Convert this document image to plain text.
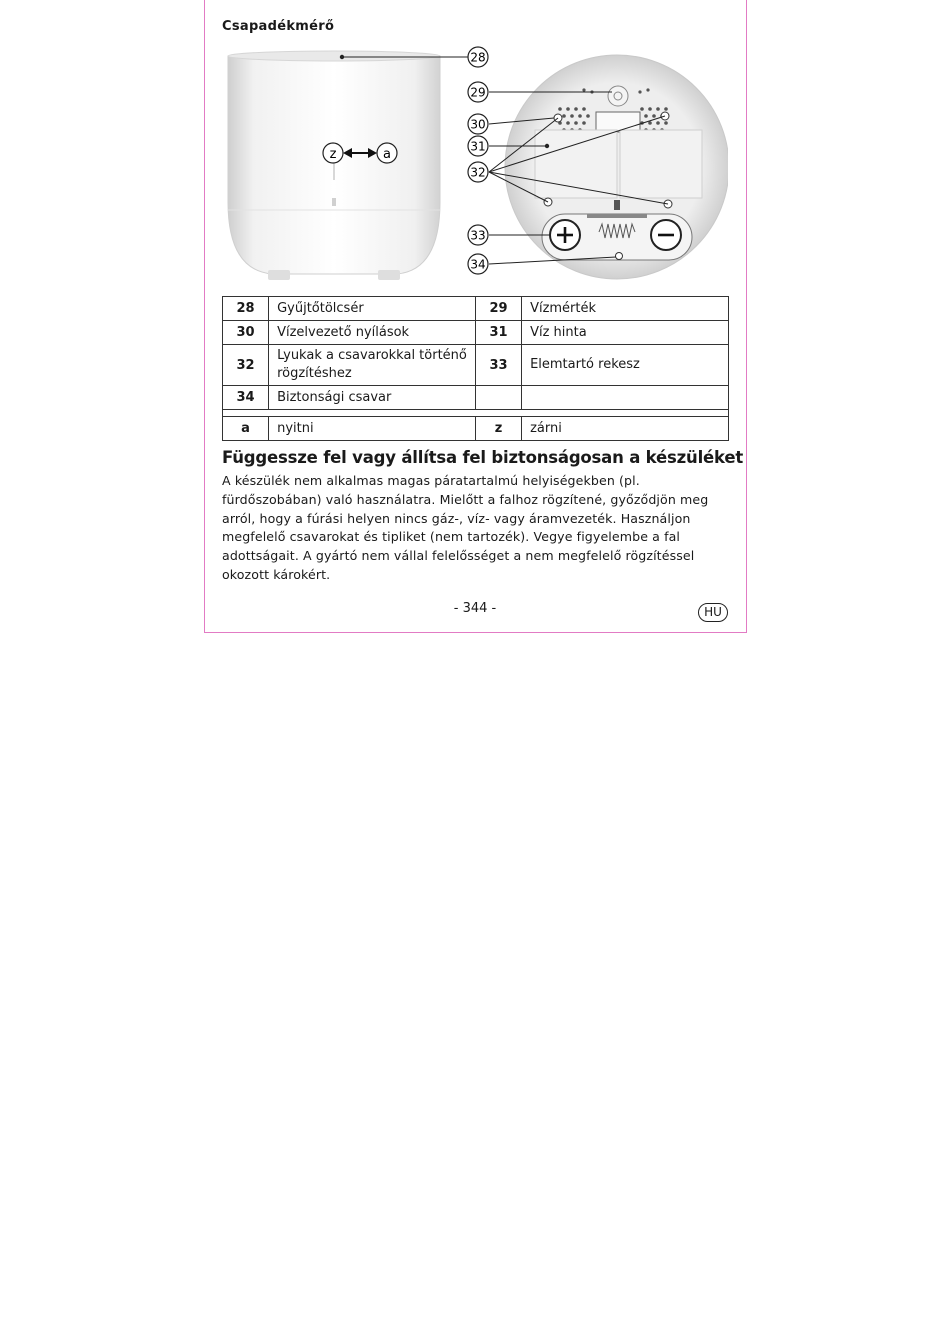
Csapadékmérő
z	a
28
29
30
31
32
33
34
28	Gyűjtőtölcsér	29	Vízmérték
30	Vízelvezető nyílások	31	Víz hinta
32	Lyukak a csavarokkal történő rögzítéshez	33	Elemtartó rekesz
34	Biztonsági csavar		

a	nyitni	z	zárni
Függessze fel vagy állítsa fel biztonságosan a készüléket
A készülék nem alkalmas magas páratartalmú helyiségekben (pl. fürdőszobában) való használatra. Mielőtt a falhoz rögzítené, győződjön meg arról, hogy a fúrási helyen nincs gáz-, víz- vagy áramvezeték. Használjon megfelelő csavarokat és tipliket (nem tartozék). Vegye figyelembe a fal adottságait. A gyártó nem vállal felelősséget a nem megfelelő rögzítéssel okozott károkért.
- 344 -	HU
